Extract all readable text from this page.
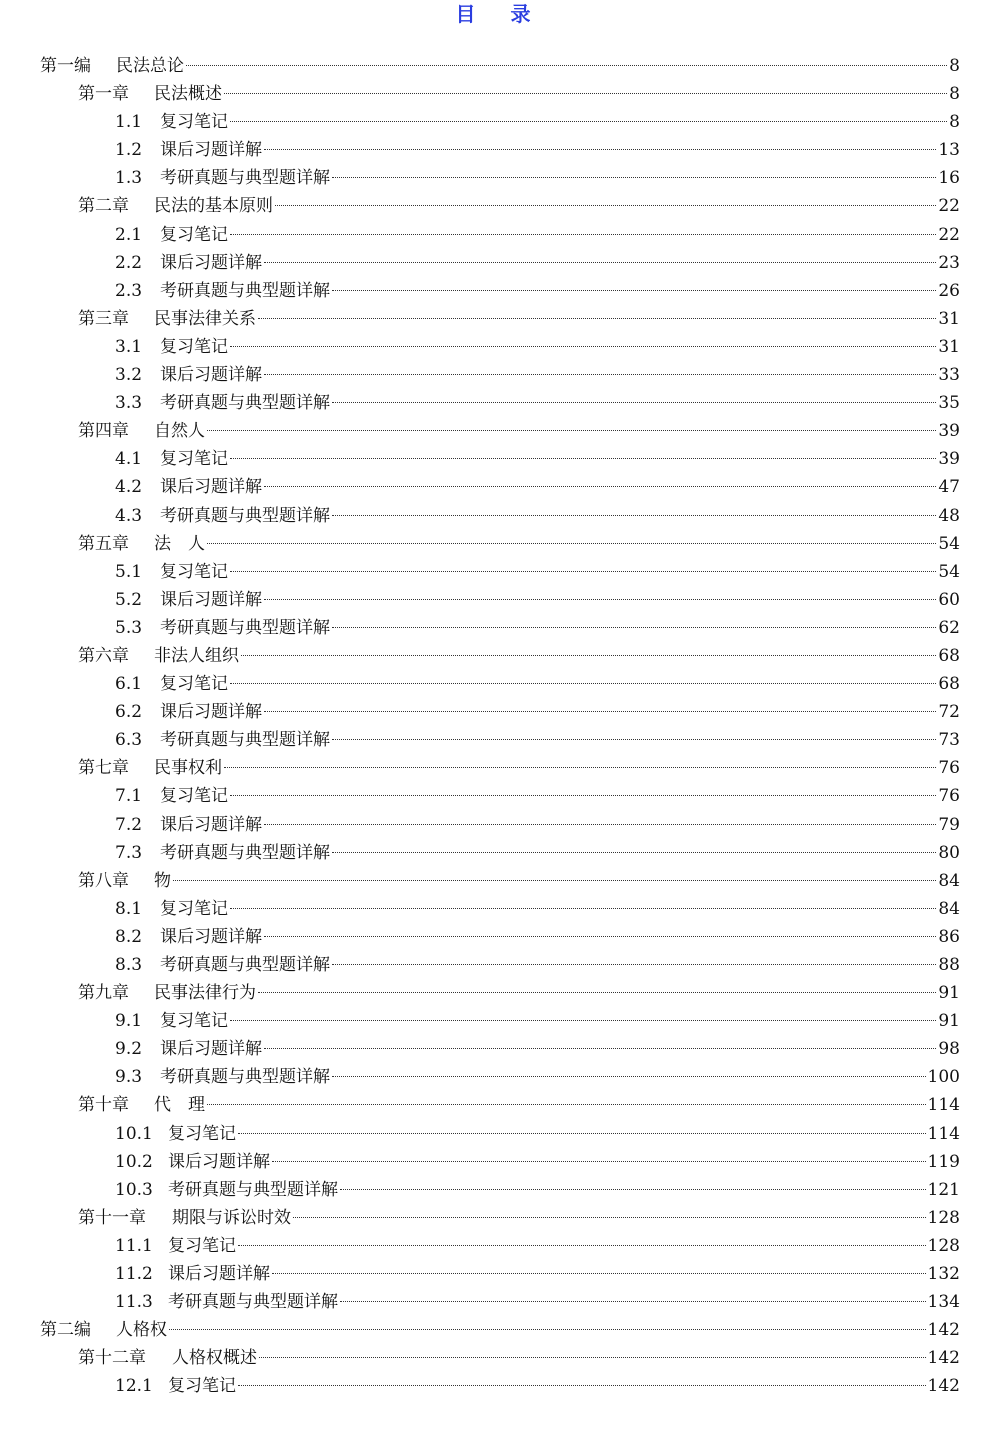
目 录
第一编	民法总论	8
第一章	民法概述	8
1.1	复习笔记	8
1.2	课后习题详解	13
1.3	考研真题与典型题详解	16
第二章	民法的基本原则	22
2.1	复习笔记	22
2.2	课后习题详解	23
2.3	考研真题与典型题详解	26
第三章	民事法律关系	31
3.1	复习笔记	31
3.2	课后习题详解	33
3.3	考研真题与典型题详解	35
第四章	自然人	39
4.1	复习笔记	39
4.2	课后习题详解	47
4.3	考研真题与典型题详解	48
第五章	法　人	54
5.1	复习笔记	54
5.2	课后习题详解	60
5.3	考研真题与典型题详解	62
第六章	非法人组织	68
6.1	复习笔记	68
6.2	课后习题详解	72
6.3	考研真题与典型题详解	73
第七章	民事权利	76
7.1	复习笔记	76
7.2	课后习题详解	79
7.3	考研真题与典型题详解	80
第八章	物	84
8.1	复习笔记	84
8.2	课后习题详解	86
8.3	考研真题与典型题详解	88
第九章	民事法律行为	91
9.1	复习笔记	91
9.2	课后习题详解	98
9.3	考研真题与典型题详解	100
第十章	代　理	114
10.1 复习笔记	114
10.2 课后习题详解	119
10.3 考研真题与典型题详解	121
第十一章	期限与诉讼时效	128
11.1 复习笔记	128
11.2 课后习题详解	132
11.3 考研真题与典型题详解	134
第二编	人格权	142
第十二章	人格权概述	142
12.1 复习笔记	142
